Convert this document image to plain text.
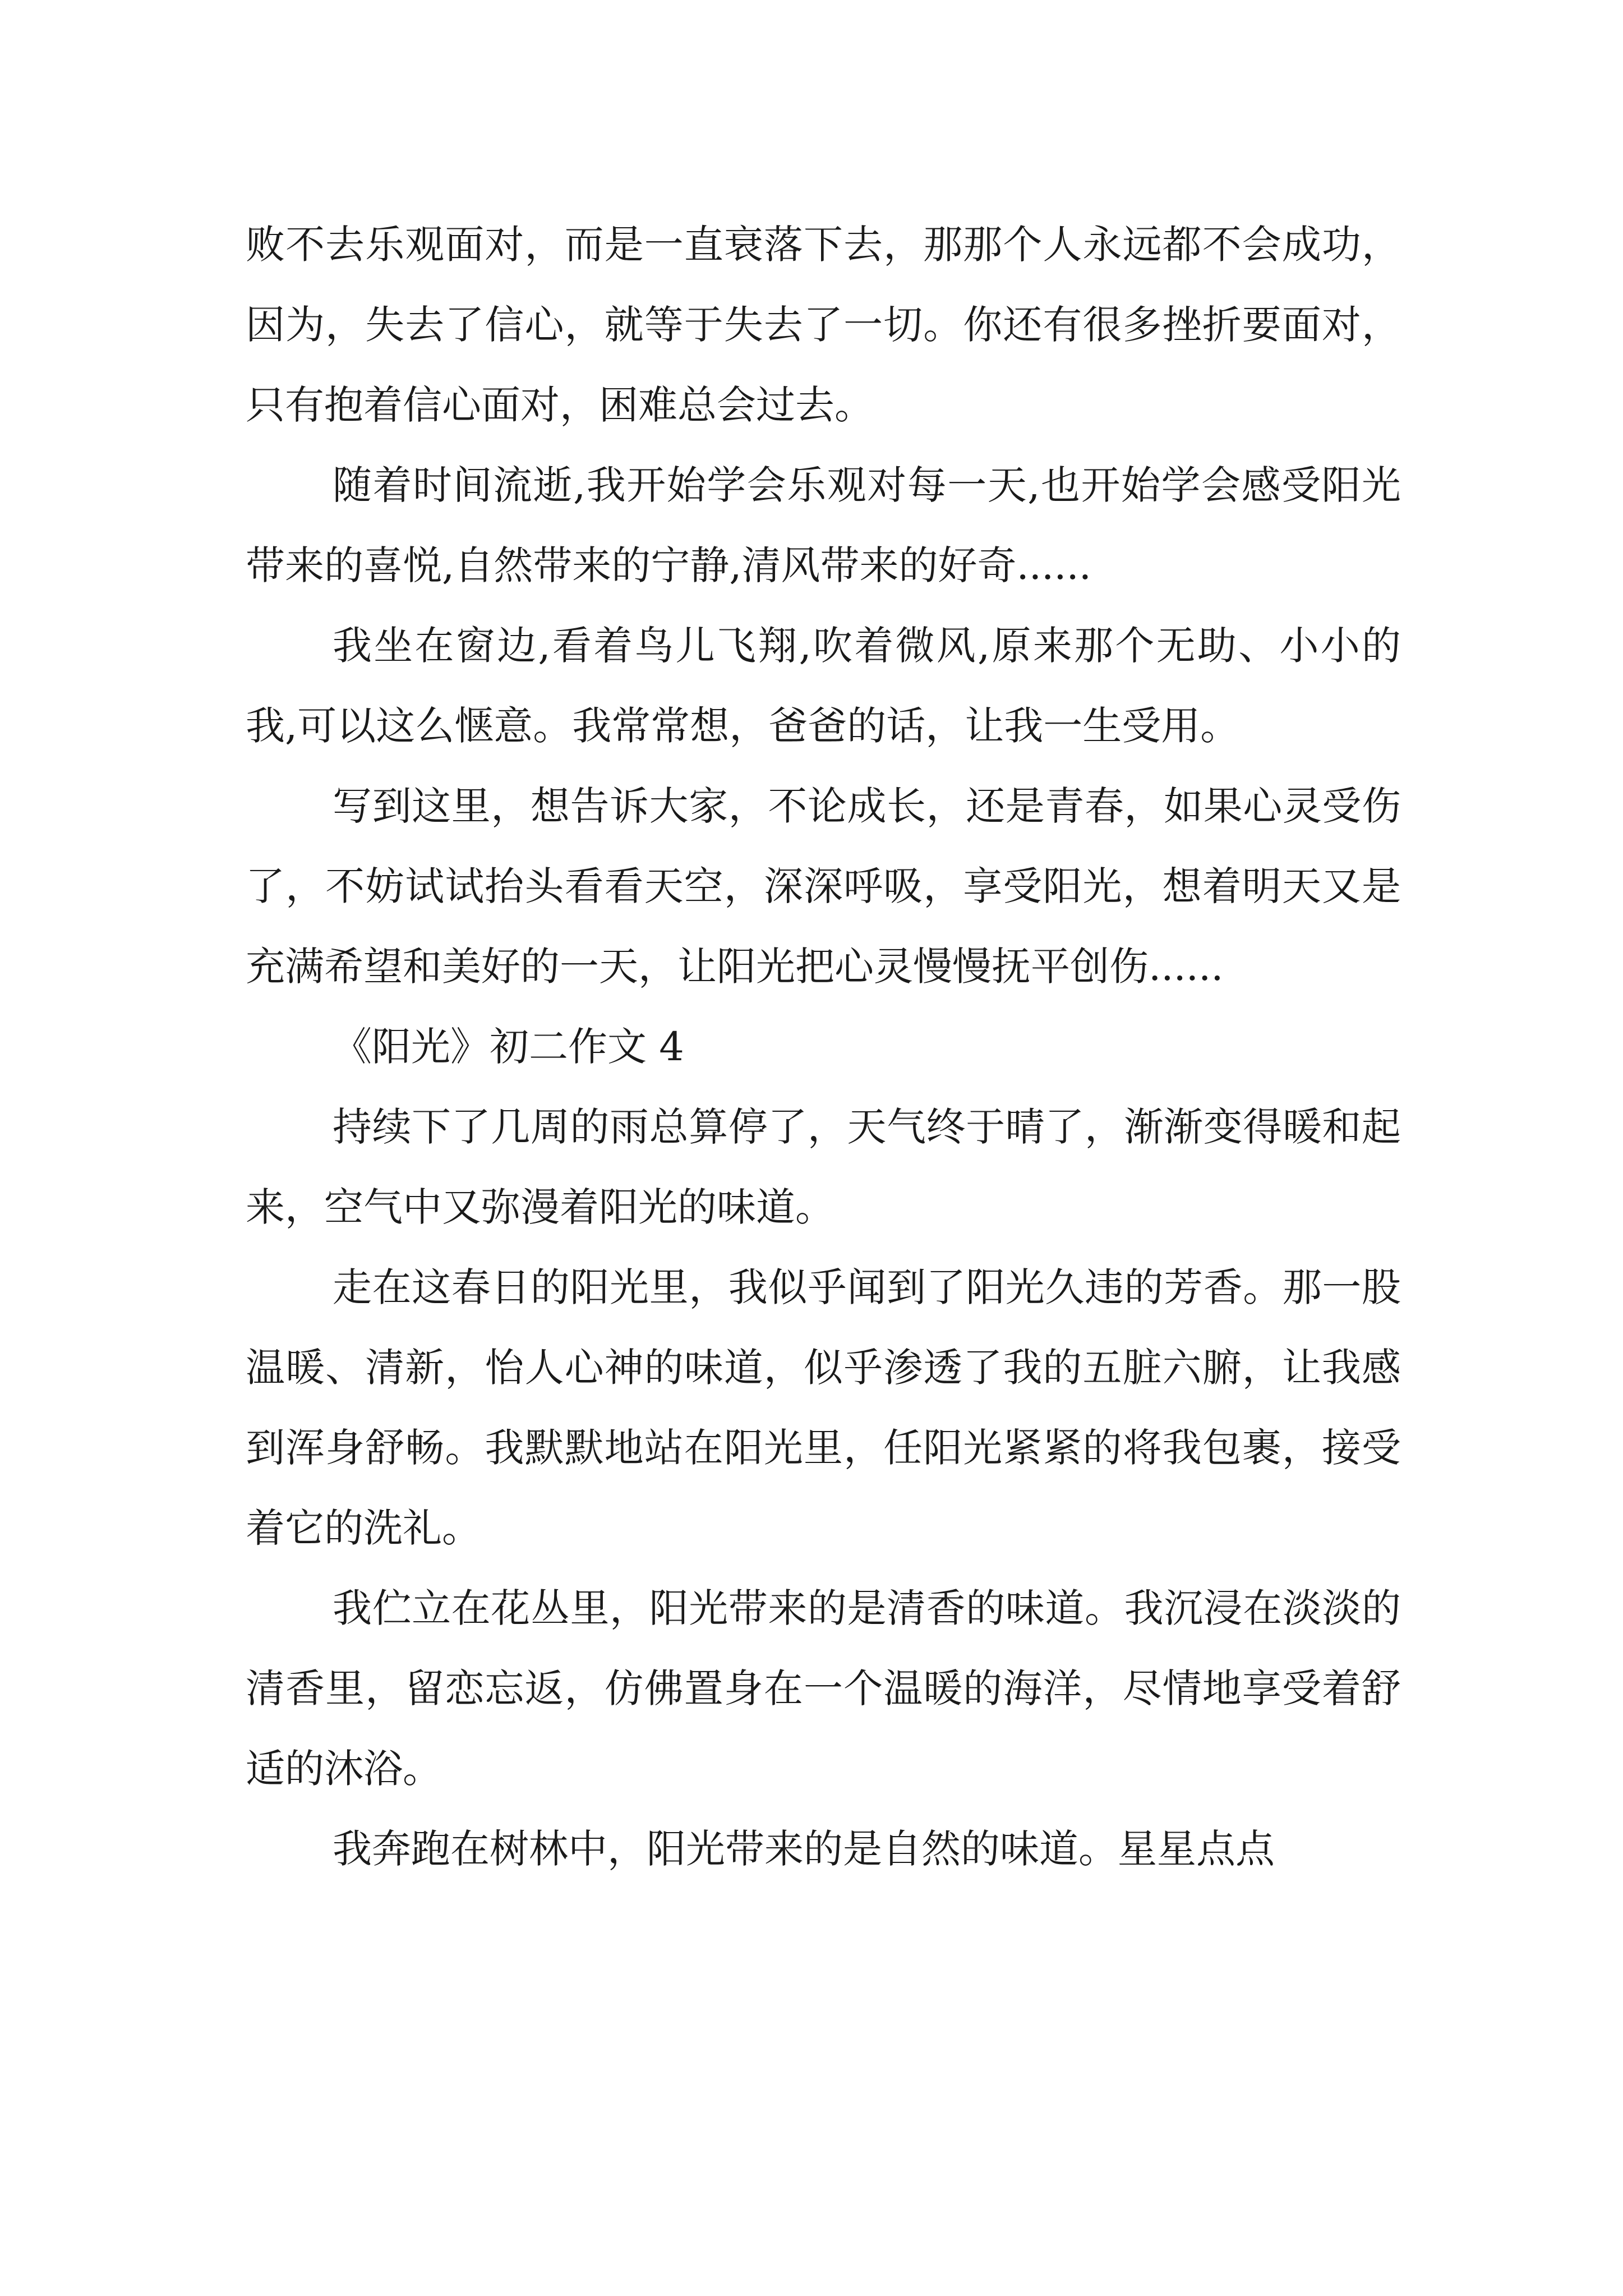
败不去乐观面对，而是一直衰落下去，那那个人永远都不会成功，因为，失去了信心，就等于失去了一切。你还有很多挫折要面对，只有抱着信心面对，困难总会过去。

随着时间流逝,我开始学会乐观对每一天,也开始学会感受阳光带来的喜悦,自然带来的宁静,清风带来的好奇......

我坐在窗边,看着鸟儿飞翔,吹着微风,原来那个无助、小小的我,可以这么惬意。我常常想，爸爸的话，让我一生受用。

写到这里，想告诉大家，不论成长，还是青春，如果心灵受伤了，不妨试试抬头看看天空，深深呼吸，享受阳光，想着明天又是充满希望和美好的一天，让阳光把心灵慢慢抚平创伤......

《阳光》初二作文 4

持续下了几周的雨总算停了，天气终于晴了，渐渐变得暖和起来，空气中又弥漫着阳光的味道。

走在这春日的阳光里，我似乎闻到了阳光久违的芳香。那一股温暖、清新，怡人心神的味道，似乎渗透了我的五脏六腑，让我感到浑身舒畅。我默默地站在阳光里，任阳光紧紧的将我包裹，接受着它的洗礼。

我伫立在花丛里，阳光带来的是清香的味道。我沉浸在淡淡的清香里，留恋忘返，仿佛置身在一个温暖的海洋，尽情地享受着舒适的沐浴。

我奔跑在树林中，阳光带来的是自然的味道。星星点点
